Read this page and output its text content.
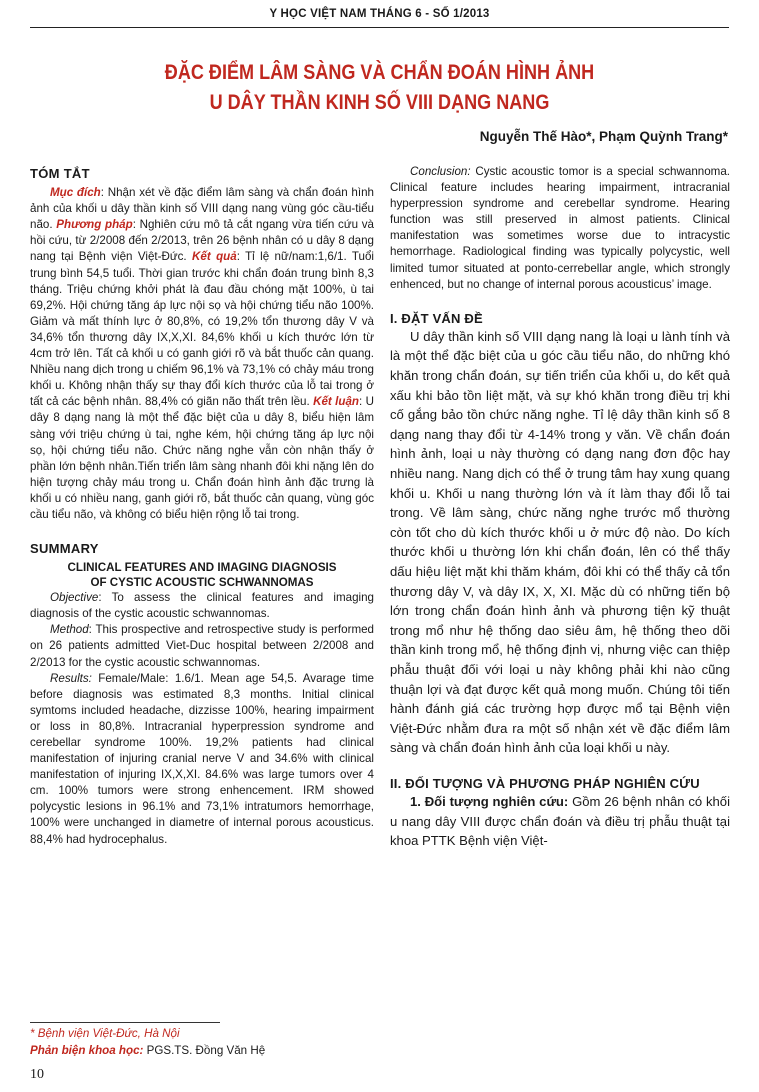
Y HỌC VIỆT NAM THÁNG 6 - SỐ 1/2013
ĐẶC ĐIỂM LÂM SÀNG VÀ CHẨN ĐOÁN HÌNH ẢNH
U DÂY THẦN KINH SỐ VIII DẠNG NANG
Nguyễn Thế Hào*, Phạm Quỳnh Trang*
TÓM TẮT

Mục đích: Nhận xét về đặc điểm lâm sàng và chẩn đoán hình ảnh của khối u dây thần kinh số VIII dạng nang vùng góc cầu-tiểu não. Phương pháp: Nghiên cứu mô tả cắt ngang vừa tiến cứu và hồi cứu, từ 2/2008 đến 2/2013, trên 26 bệnh nhân có u dây 8 dạng nang tại Bệnh viện Việt-Đức. Kết quả: Tỉ lệ nữ/nam:1,6/1. Tuổi trung bình 54,5 tuổi. Thời gian trước khi chẩn đoán trung bình 8,3 tháng. Triệu chứng khởi phát là đau đầu chóng mặt 100%, ù tai 69,2%. Hội chứng tăng áp lực nội sọ và hội chứng tiểu não 100%. Giảm và mất thính lực ở 80,8%, có 19,2% tổn thương dây V và 34,6% tổn thương dây IX,X,XI. 84,6% khối u kích thước lớn từ 4cm trở lên. Tất cả khối u có ganh giới rõ và bắt thuốc cản quang. Nhiều nang dịch trong u chiếm 96,1% và 73,1% có chảy máu trong khối u. Không nhận thấy sự thay đổi kích thước của lỗ tai trong ở tất cả các bệnh nhân. 88,4% có giãn não thất trên lều. Kết luận: U dây 8 dạng nang là một thể đặc biệt của u dây 8, biểu hiện lâm sàng với triệu chứng ù tai, nghe kém, hội chứng tăng áp lực nội sọ, hội chứng tiểu não. Chức năng nghe vẫn còn nhận thấy ở phần lớn bệnh nhân.Tiến triển lâm sàng nhanh đôi khi nặng lên do hiện tượng chảy máu trong u. Chẩn đoán hình ảnh đặc trưng là khối u có nhiều nang, ganh giới rõ, bắt thuốc cản quang, vùng góc cầu tiểu não, và không có biểu hiện rộng lỗ tai trong.

SUMMARY
CLINICAL FEATURES AND IMAGING DIAGNOSIS
OF CYSTIC ACOUSTIC SCHWANNOMAS

Objective: To assess the clinical features and imaging diagnosis of the cystic acoustic schwannomas.

Method: This prospective and retrospective study is performed on 26 patients admitted Viet-Duc hospital between 2/2008 and 2/2013 for the cystic acoustic schwannomas.

Results: Female/Male: 1.6/1. Mean age 54,5. Avarage time before diagnosis was estimated 8,3 months. Initial clinical symtoms included headache, dizzisse 100%, hearing impairment or loss in 80,8%. Intracranial hyperpression syndrome and cerebellar syndrome 100%. 19,2% patients had clinical manifestation of injuring cranial nerve V and 34.6% with clinical manifestation of injuring IX,X,XI. 84.6% was large tumors over 4 cm. 100% tumors were strong enhencement. IRM showed polycystic lesions in 96.1% and 73,1% intratumors hemorrhage, 100% were unchanged in diametre of internal porous acousticus. 88,4% had hydrocephalus.

Conclusion: Cystic acoustic tomor is a special schwannoma. Clinical feature includes hearing impairment, intracranial hyperpression syndrome and cerebellar syndrome. Hearing function was still preserved in almost patients. Clinical manifestation was sometimes worse due to intracystic hemorrhage. Radiological finding was typically polycystic, well limited tumor situated at ponto-cerrebellar angle, which strongly enhenced, but no change of internal porous acousticus’ image.

I. ĐẶT VẤN ĐỀ

U dây thần kinh số VIII dạng nang là loại u lành tính và là một thể đặc biệt của u góc cầu tiểu não, do những khó khăn trong chẩn đoán, sự tiến triển của khối u, do kết quả xấu khi bảo tồn liệt mặt, và sự khó khăn trong điều trị khi cố gắng bảo tồn chức năng nghe. Tỉ lệ dây thần kinh số 8 dạng nang thay đổi từ 4-14% trong y văn. Về chẩn đoán hình ảnh, loại u này thường có dạng nang đơn độc hay nhiều nang. Nang dịch có thể ở trung tâm hay xung quang khối u. Khối u nang thường lớn và ít làm thay đổi lỗ tai trong. Về lâm sàng, chức năng nghe trước mổ thường còn tốt cho dù kích thước khối u ở mức độ nào. Do kích thước khối u thường lớn khi chẩn đoán, lên có thể thấy dấu hiệu liệt mặt khi thăm khám, đôi khi có thể thấy cả tổn thương dây V, và dây IX, X, XI. Mặc dù có những tiến bộ lớn trong chẩn đoán hình ảnh và phương tiện kỹ thuật trong mổ như hệ thống dao siêu âm, hệ thống theo dõi thần kinh trong mổ, hệ thống định vị, nhưng việc can thiệp phẫu thuật đối với loại u này không phải khi nào cũng thuận lợi và đạt được kết quả mong muốn. Chúng tôi tiến hành đánh giá các trường hợp được mổ tại Bệnh viện Việt-Đức nhằm đưa ra một số nhận xét về đặc điểm lâm sàng và chẩn đoán hình ảnh của loại khối u này.

II. ĐỐI TƯỢNG VÀ PHƯƠNG PHÁP NGHIÊN CỨU

1. Đối tượng nghiên cứu: Gồm 26 bệnh nhân có khối u nang dây VIII được chẩn đoán và điều trị phẫu thuật tại khoa PTTK Bệnh viện Việt-

* Bệnh viện Việt-Đức, Hà Nội
Phản biện khoa học: PGS.TS. Đồng Văn Hệ
10
